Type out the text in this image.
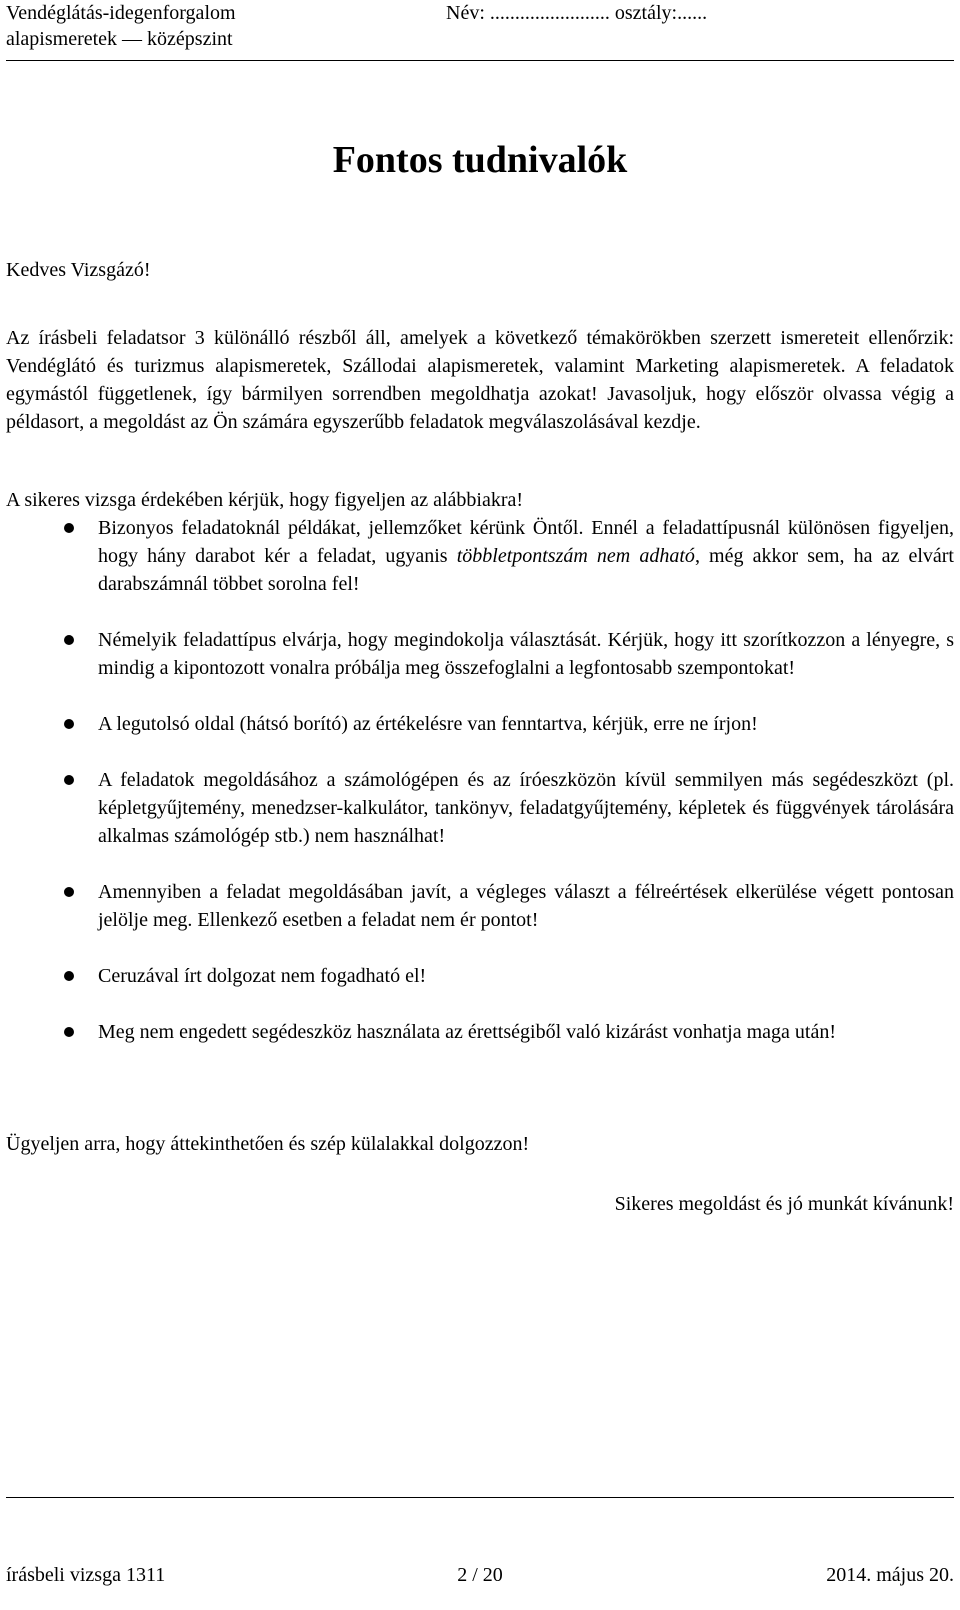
Vendéglátás-idegenforgalom
alapismeretek — középszint
Név: ........................ osztály:......
Fontos tudnivalók

Kedves Vizsgázó!

Az írásbeli feladatsor 3 különálló részből áll, amelyek a következő témakörökben szerzett ismereteit ellenőrzik: Vendéglátó és turizmus alapismeretek, Szállodai alapismeretek, valamint Marketing alapismeretek. A feladatok egymástól függetlenek, így bármilyen sorrendben megoldhatja azokat! Javasoljuk, hogy először olvassa végig a példasort, a megoldást az Ön számára egyszerűbb feladatok megválaszolásával kezdje.

A sikeres vizsga érdekében kérjük, hogy figyeljen az alábbiakra!

Bizonyos feladatoknál példákat, jellemzőket kérünk Öntől. Ennél a feladattípusnál különösen figyeljen, hogy hány darabot kér a feladat, ugyanis többletpontszám nem adható, még akkor sem, ha az elvárt darabszámnál többet sorolna fel!
Némelyik feladattípus elvárja, hogy megindokolja választását. Kérjük, hogy itt szorítkozzon a lényegre, s mindig a kipontozott vonalra próbálja meg összefoglalni a legfontosabb szempontokat!
A legutolsó oldal (hátsó borító) az értékelésre van fenntartva, kérjük, erre ne írjon!
A feladatok megoldásához a számológépen és az íróeszközön kívül semmilyen más segédeszközt (pl. képletgyűjtemény, menedzser-kalkulátor, tankönyv, feladatgyűjtemény, képletek és függvények tárolására alkalmas számológép stb.) nem használhat!
Amennyiben a feladat megoldásában javít, a végleges választ a félreértések elkerülése végett pontosan jelölje meg. Ellenkező esetben a feladat nem ér pontot!
Ceruzával írt dolgozat nem fogadható el!
Meg nem engedett segédeszköz használata az érettségiből való kizárást vonhatja maga után!

Ügyeljen arra, hogy áttekinthetően és szép külalakkal dolgozzon!

Sikeres megoldást és jó munkát kívánunk!

írásbeli vizsga 1311	2 / 20	2014. május 20.
